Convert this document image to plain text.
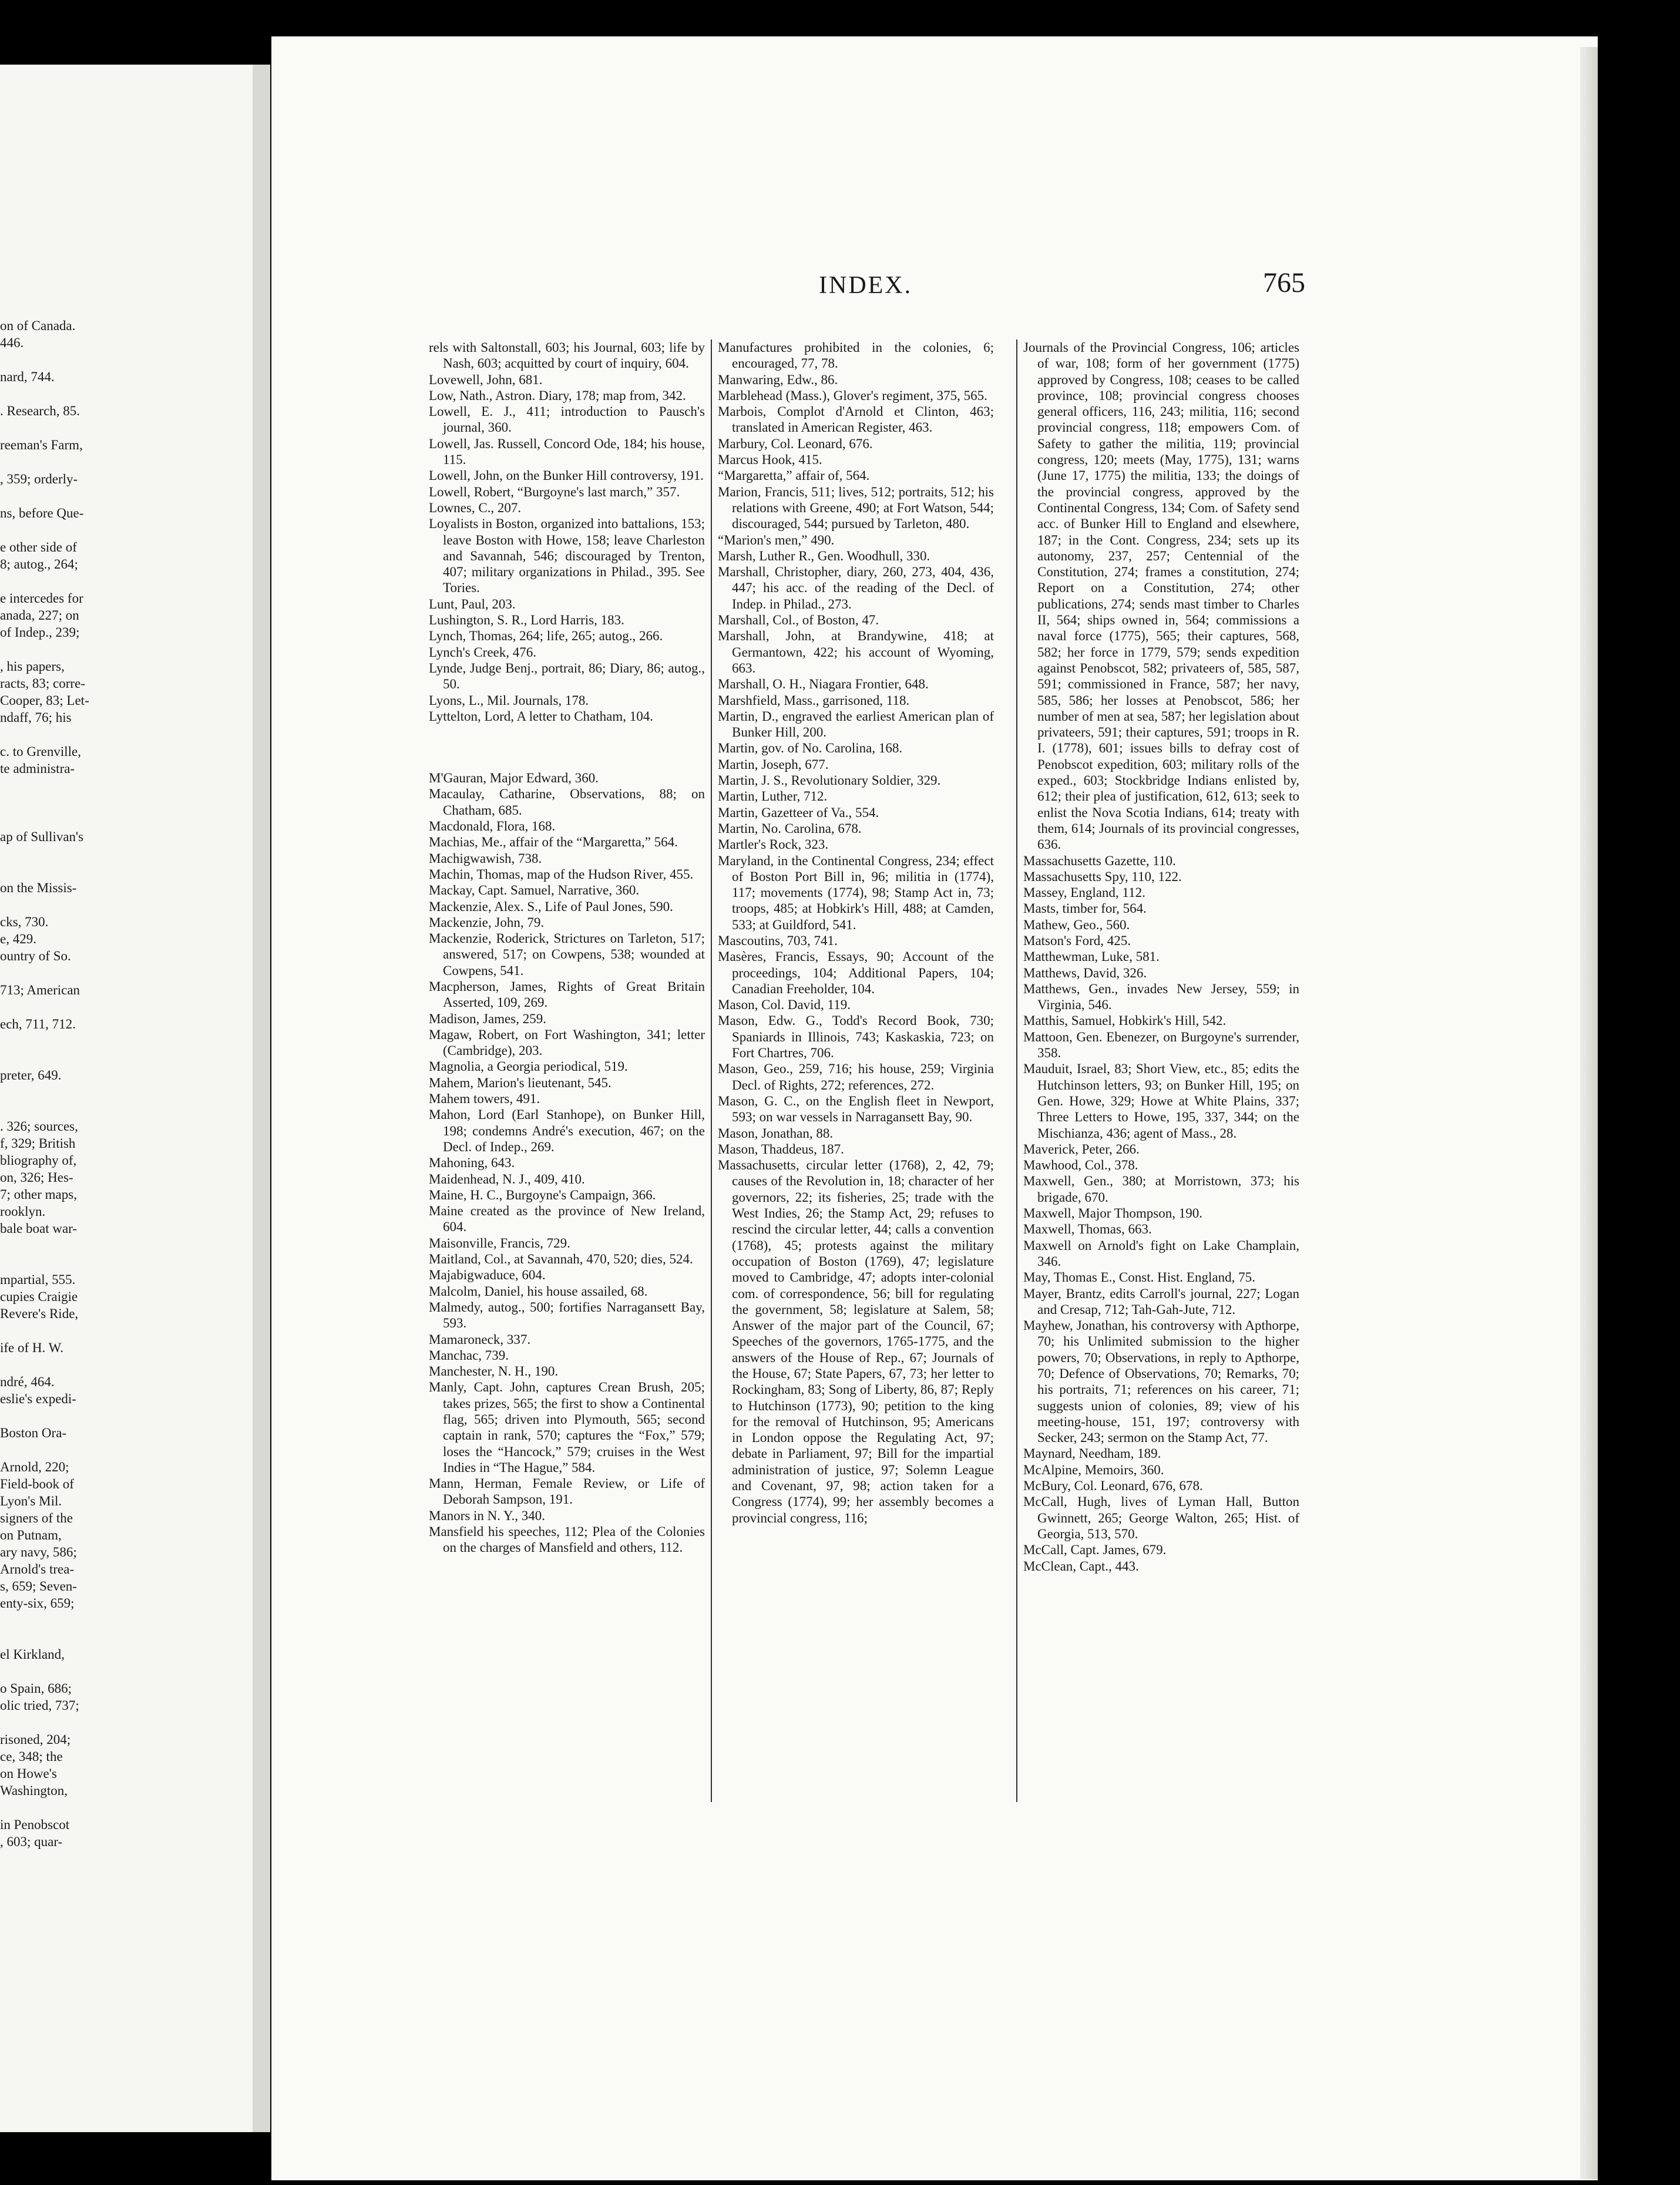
on of Canada.
446.
nard, 744.
. Research, 85.
reeman's Farm,
, 359; orderly-
ns, before Que-
e other side of
8; autog., 264;
e intercedes for
anada, 227; on
of Indep., 239;
, his papers,
racts, 83; corre-
Cooper, 83; Let-
ndaff, 76; his
c. to Grenville,
te administra-
ap of Sullivan's
on the Missis-
cks, 730.
e, 429.
ountry of So.
713; American
ech, 711, 712.
preter, 649.
. 326; sources,
f, 329; British
bliography of,
on, 326; Hes-
7; other maps,
rooklyn.
bale boat war-
mpartial, 555.
cupies Craigie
Revere's Ride,
ife of H. W.
ndré, 464.
eslie's expedi-
Boston Ora-
Arnold, 220;
Field-book of
Lyon's Mil.
signers of the
on Putnam,
ary navy, 586;
Arnold's trea-
s, 659; Seven-
enty-six, 659;
el Kirkland,
o Spain, 686;
olic tried, 737;
risoned, 204;
ce, 348; the
on Howe's
Washington,
in Penobscot
, 603; quar-
INDEX.	765

rels with Saltonstall, 603; his Journal, 603; life by Nash, 603; acquitted by court of inquiry, 604.

Lovewell, John, 681.

Low, Nath., Astron. Diary, 178; map from, 342.

Lowell, E. J., 411; introduction to Pausch's journal, 360.

Lowell, Jas. Russell, Concord Ode, 184; his house, 115.

Lowell, John, on the Bunker Hill controversy, 191.

Lowell, Robert, “Burgoyne's last march,” 357.

Lownes, C., 207.

Loyalists in Boston, organized into battalions, 153; leave Boston with Howe, 158; leave Charleston and Savannah, 546; discouraged by Trenton, 407; military organizations in Philad., 395. See Tories.

Lunt, Paul, 203.

Lushington, S. R., Lord Harris, 183.

Lynch, Thomas, 264; life, 265; autog., 266.

Lynch's Creek, 476.

Lynde, Judge Benj., portrait, 86; Diary, 86; autog., 50.

Lyons, L., Mil. Journals, 178.

Lyttelton, Lord, A letter to Chatham, 104.

M'Gauran, Major Edward, 360.

Macaulay, Catharine, Observations, 88; on Chatham, 685.

Macdonald, Flora, 168.

Machias, Me., affair of the “Margaretta,” 564.

Machigwawish, 738.

Machin, Thomas, map of the Hudson River, 455.

Mackay, Capt. Samuel, Narrative, 360.

Mackenzie, Alex. S., Life of Paul Jones, 590.

Mackenzie, John, 79.

Mackenzie, Roderick, Strictures on Tarleton, 517; answered, 517; on Cowpens, 538; wounded at Cowpens, 541.

Macpherson, James, Rights of Great Britain Asserted, 109, 269.

Madison, James, 259.

Magaw, Robert, on Fort Washington, 341; letter (Cambridge), 203.

Magnolia, a Georgia periodical, 519.

Mahem, Marion's lieutenant, 545.

Mahem towers, 491.

Mahon, Lord (Earl Stanhope), on Bunker Hill, 198; condemns André's execution, 467; on the Decl. of Indep., 269.

Mahoning, 643.

Maidenhead, N. J., 409, 410.

Maine, H. C., Burgoyne's Campaign, 366.

Maine created as the province of New Ireland, 604.

Maisonville, Francis, 729.

Maitland, Col., at Savannah, 470, 520; dies, 524.

Majabigwaduce, 604.

Malcolm, Daniel, his house assailed, 68.

Malmedy, autog., 500; fortifies Narragansett Bay, 593.

Mamaroneck, 337.

Manchac, 739.

Manchester, N. H., 190.

Manly, Capt. John, captures Crean Brush, 205; takes prizes, 565; the first to show a Continental flag, 565; driven into Plymouth, 565; second captain in rank, 570; captures the “Fox,” 579; loses the “Hancock,” 579; cruises in the West Indies in “The Hague,” 584.

Mann, Herman, Female Review, or Life of Deborah Sampson, 191.

Manors in N. Y., 340.

Mansfield his speeches, 112; Plea of the Colonies on the charges of Mansfield and others, 112.

Manufactures prohibited in the colonies, 6; encouraged, 77, 78.

Manwaring, Edw., 86.

Marblehead (Mass.), Glover's regiment, 375, 565.

Marbois, Complot d'Arnold et Clinton, 463; translated in American Register, 463.

Marbury, Col. Leonard, 676.

Marcus Hook, 415.

“Margaretta,” affair of, 564.

Marion, Francis, 511; lives, 512; portraits, 512; his relations with Greene, 490; at Fort Watson, 544; discouraged, 544; pursued by Tarleton, 480.

“Marion's men,” 490.

Marsh, Luther R., Gen. Woodhull, 330.

Marshall, Christopher, diary, 260, 273, 404, 436, 447; his acc. of the reading of the Decl. of Indep. in Philad., 273.

Marshall, Col., of Boston, 47.

Marshall, John, at Brandywine, 418; at Germantown, 422; his account of Wyoming, 663.

Marshall, O. H., Niagara Frontier, 648.

Marshfield, Mass., garrisoned, 118.

Martin, D., engraved the earliest American plan of Bunker Hill, 200.

Martin, gov. of No. Carolina, 168.

Martin, Joseph, 677.

Martin, J. S., Revolutionary Soldier, 329.

Martin, Luther, 712.

Martin, Gazetteer of Va., 554.

Martin, No. Carolina, 678.

Martler's Rock, 323.

Maryland, in the Continental Congress, 234; effect of Boston Port Bill in, 96; militia in (1774), 117; movements (1774), 98; Stamp Act in, 73; troops, 485; at Hobkirk's Hill, 488; at Camden, 533; at Guildford, 541.

Mascoutins, 703, 741.

Masères, Francis, Essays, 90; Account of the proceedings, 104; Additional Papers, 104; Canadian Freeholder, 104.

Mason, Col. David, 119.

Mason, Edw. G., Todd's Record Book, 730; Spaniards in Illinois, 743; Kaskaskia, 723; on Fort Chartres, 706.

Mason, Geo., 259, 716; his house, 259; Virginia Decl. of Rights, 272; references, 272.

Mason, G. C., on the English fleet in Newport, 593; on war vessels in Narragansett Bay, 90.

Mason, Jonathan, 88.

Mason, Thaddeus, 187.

Massachusetts, circular letter (1768), 2, 42, 79; causes of the Revolution in, 18; character of her governors, 22; its fisheries, 25; trade with the West Indies, 26; the Stamp Act, 29; refuses to rescind the circular letter, 44; calls a convention (1768), 45; protests against the military occupation of Boston (1769), 47; legislature moved to Cambridge, 47; adopts inter-colonial com. of correspondence, 56; bill for regulating the government, 58; legislature at Salem, 58; Answer of the major part of the Council, 67; Speeches of the governors, 1765-1775, and the answers of the House of Rep., 67; Journals of the House, 67; State Papers, 67, 73; her letter to Rockingham, 83; Song of Liberty, 86, 87; Reply to Hutchinson (1773), 90; petition to the king for the removal of Hutchinson, 95; Americans in London oppose the Regulating Act, 97; debate in Parliament, 97; Bill for the impartial administration of justice, 97; Solemn League and Covenant, 97, 98; action taken for a Congress (1774), 99; her assembly becomes a provincial congress, 116;

Journals of the Provincial Congress, 106; articles of war, 108; form of her government (1775) approved by Congress, 108; ceases to be called province, 108; provincial congress chooses general officers, 116, 243; militia, 116; second provincial congress, 118; empowers Com. of Safety to gather the militia, 119; provincial congress, 120; meets (May, 1775), 131; warns (June 17, 1775) the militia, 133; the doings of the provincial congress, approved by the Continental Congress, 134; Com. of Safety send acc. of Bunker Hill to England and elsewhere, 187; in the Cont. Congress, 234; sets up its autonomy, 237, 257; Centennial of the Constitution, 274; frames a constitution, 274; Report on a Constitution, 274; other publications, 274; sends mast timber to Charles II, 564; ships owned in, 564; commissions a naval force (1775), 565; their captures, 568, 582; her force in 1779, 579; sends expedition against Penobscot, 582; privateers of, 585, 587, 591; commissioned in France, 587; her navy, 585, 586; her losses at Penobscot, 586; her number of men at sea, 587; her legislation about privateers, 591; their captures, 591; troops in R. I. (1778), 601; issues bills to defray cost of Penobscot expedition, 603; military rolls of the exped., 603; Stockbridge Indians enlisted by, 612; their plea of justification, 612, 613; seek to enlist the Nova Scotia Indians, 614; treaty with them, 614; Journals of its provincial congresses, 636.

Massachusetts Gazette, 110.

Massachusetts Spy, 110, 122.

Massey, England, 112.

Masts, timber for, 564.

Mathew, Geo., 560.

Matson's Ford, 425.

Matthewman, Luke, 581.

Matthews, David, 326.

Matthews, Gen., invades New Jersey, 559; in Virginia, 546.

Matthis, Samuel, Hobkirk's Hill, 542.

Mattoon, Gen. Ebenezer, on Burgoyne's surrender, 358.

Mauduit, Israel, 83; Short View, etc., 85; edits the Hutchinson letters, 93; on Bunker Hill, 195; on Gen. Howe, 329; Howe at White Plains, 337; Three Letters to Howe, 195, 337, 344; on the Mischianza, 436; agent of Mass., 28.

Maverick, Peter, 266.

Mawhood, Col., 378.

Maxwell, Gen., 380; at Morristown, 373; his brigade, 670.

Maxwell, Major Thompson, 190.

Maxwell, Thomas, 663.

Maxwell on Arnold's fight on Lake Champlain, 346.

May, Thomas E., Const. Hist. England, 75.

Mayer, Brantz, edits Carroll's journal, 227; Logan and Cresap, 712; Tah-Gah-Jute, 712.

Mayhew, Jonathan, his controversy with Apthorpe, 70; his Unlimited submission to the higher powers, 70; Observations, in reply to Apthorpe, 70; Defence of Observations, 70; Remarks, 70; his portraits, 71; references on his career, 71; suggests union of colonies, 89; view of his meeting-house, 151, 197; controversy with Secker, 243; sermon on the Stamp Act, 77.

Maynard, Needham, 189.

McAlpine, Memoirs, 360.

McBury, Col. Leonard, 676, 678.

McCall, Hugh, lives of Lyman Hall, Button Gwinnett, 265; George Walton, 265; Hist. of Georgia, 513, 570.

McCall, Capt. James, 679.

McClean, Capt., 443.
